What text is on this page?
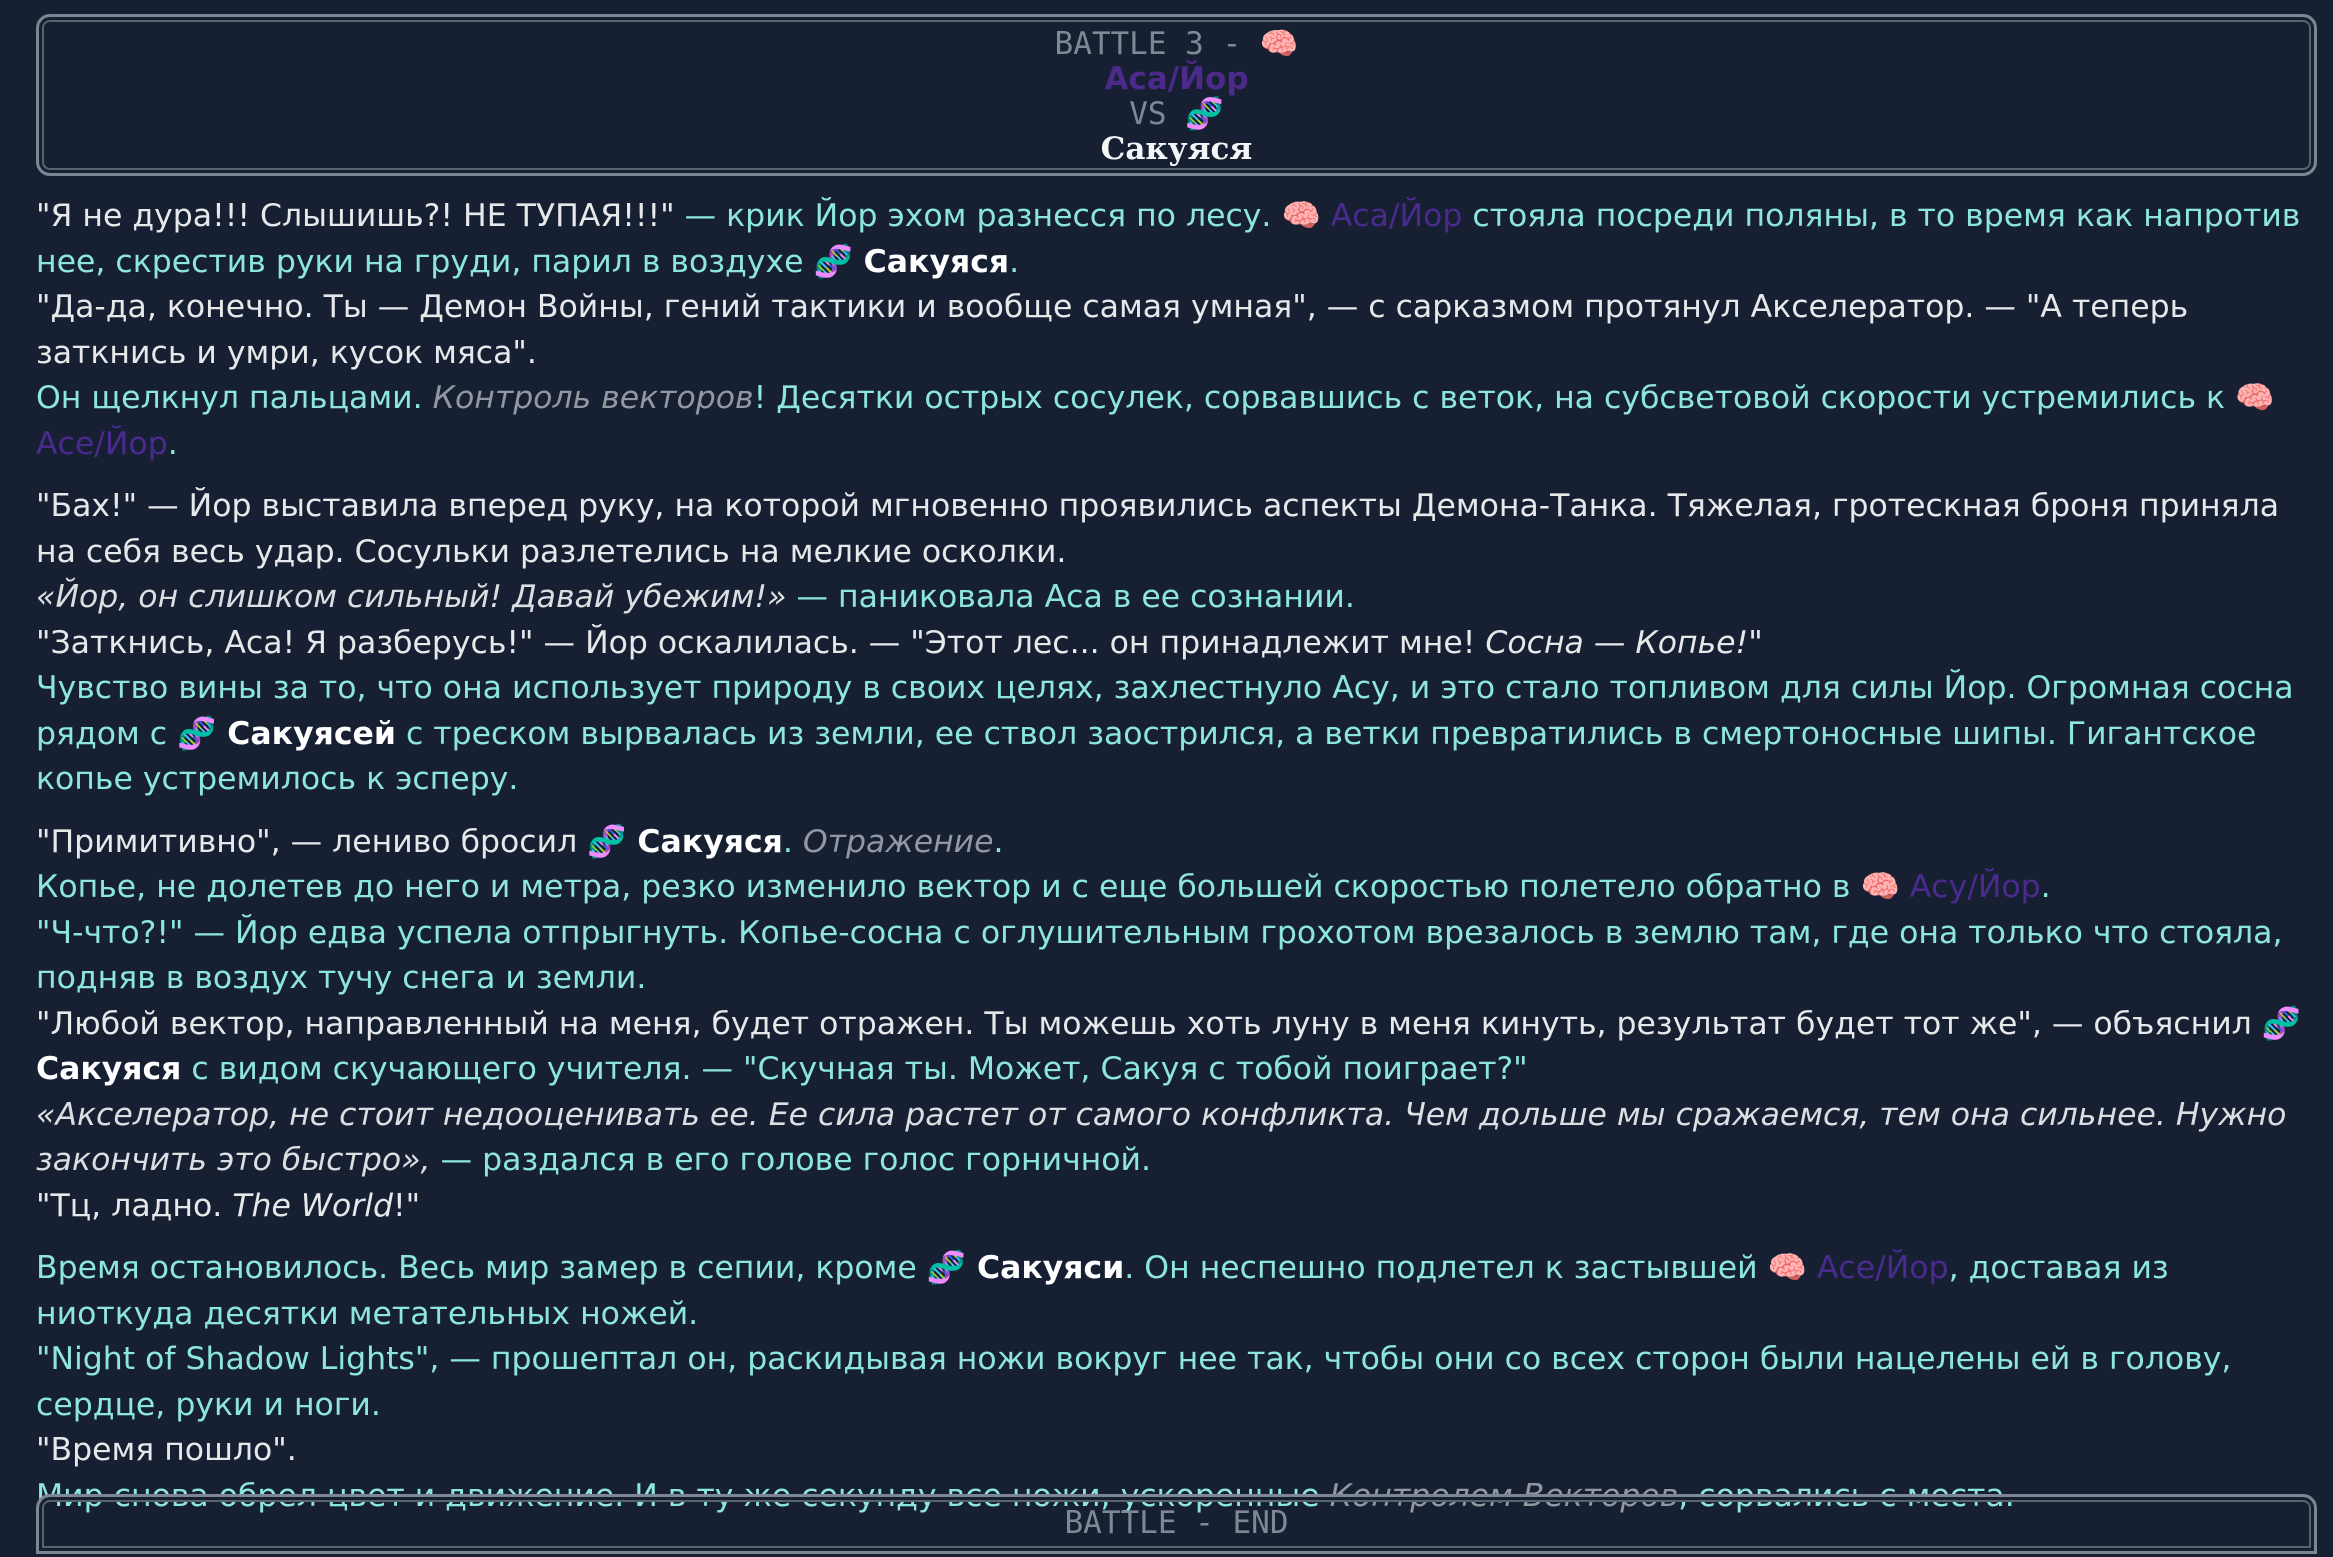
BATTLE 3 - 🧠
Аса/Йор
VS 🧬
Сакуяся

"Я не дура!!! Слышишь?! НЕ ТУПАЯ!!!" — крик Йор эхом разнесся по лесу. 🧠 Аса/Йор стояла посреди поляны, в то время как напротив нее, скрестив руки на груди, парил в воздухе 🧬 Сакуяся.
"Да-да, конечно. Ты — Демон Войны, гений тактики и вообще самая умная", — с сарказмом протянул Акселератор. — "А теперь заткнись и умри, кусок мяса".
Он щелкнул пальцами. Контроль векторов! Десятки острых сосулек, сорвавшись с веток, на субсветовой скорости устремились к 🧠 Асе/Йор.

"Бах!" — Йор выставила вперед руку, на которой мгновенно проявились аспекты Демона-Танка. Тяжелая, гротескная броня приняла на себя весь удар. Сосульки разлетелись на мелкие осколки.
«Йор, он слишком сильный! Давай убежим!» — паниковала Аса в ее сознании.
"Заткнись, Аса! Я разберусь!" — Йор оскалилась. — "Этот лес... он принадлежит мне! Сосна — Копье!"
Чувство вины за то, что она использует природу в своих целях, захлестнуло Асу, и это стало топливом для силы Йор. Огромная сосна рядом с 🧬 Сакуясей с треском вырвалась из земли, ее ствол заострился, а ветки превратились в смертоносные шипы. Гигантское копье устремилось к эсперу.

"Примитивно", — лениво бросил 🧬 Сакуяся. Отражение.
Копье, не долетев до него и метра, резко изменило вектор и с еще большей скоростью полетело обратно в 🧠 Асу/Йор.
"Ч-что?!" — Йор едва успела отпрыгнуть. Копье-сосна с оглушительным грохотом врезалось в землю там, где она только что стояла, подняв в воздух тучу снега и земли.
"Любой вектор, направленный на меня, будет отражен. Ты можешь хоть луну в меня кинуть, результат будет тот же", — объяснил 🧬 Сакуяся с видом скучающего учителя. — "Скучная ты. Может, Сакуя с тобой поиграет?"
«Акселератор, не стоит недооценивать ее. Ее сила растет от самого конфликта. Чем дольше мы сражаемся, тем она сильнее. Нужно закончить это быстро», — раздался в его голове голос горничной.
"Тц, ладно. The World!"

Время остановилось. Весь мир замер в сепии, кроме 🧬 Сакуяси. Он неспешно подлетел к застывшей 🧠 Асе/Йор, доставая из ниоткуда десятки метательных ножей.
"Night of Shadow Lights", — прошептал он, раскидывая ножи вокруг нее так, чтобы они со всех сторон были нацелены ей в голову, сердце, руки и ноги.
"Время пошло".
Мир снова обрел цвет и движение. И в ту же секунду все ножи, ускоренные Контролем Векторов, сорвались с места.

BATTLE - END
